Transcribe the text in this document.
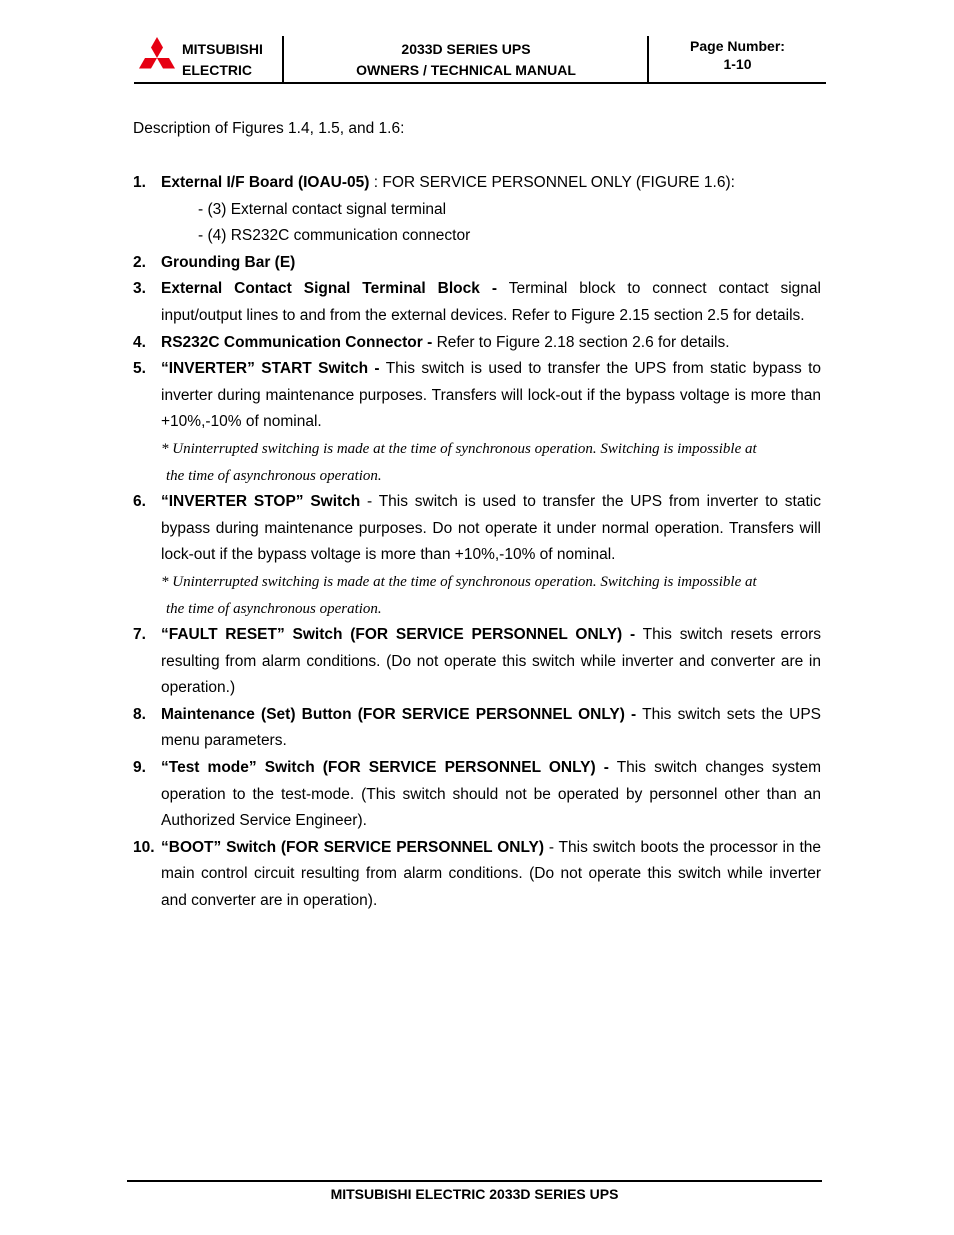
MITSUBISHI
ELECTRIC
2033D SERIES UPS
OWNERS / TECHNICAL MANUAL
Page Number:
1-10
Description of Figures 1.4, 1.5, and 1.6:
1. External I/F Board (IOAU-05) : FOR SERVICE PERSONNEL ONLY (FIGURE 1.6):
- (3) External contact signal terminal
- (4) RS232C communication connector
2. Grounding Bar (E)
3. External Contact Signal Terminal Block - Terminal block to connect contact signal input/output lines to and from the external devices. Refer to Figure 2.15 section 2.5 for details.
4. RS232C Communication Connector - Refer to Figure 2.18 section 2.6 for details.
5. “INVERTER” START Switch - This switch is used to transfer the UPS from static bypass to inverter during maintenance purposes. Transfers will lock-out if the bypass voltage is more than +10%,-10% of nominal.
* Uninterrupted switching is made at the time of synchronous operation. Switching is impossible at
the time of asynchronous operation.
6. “INVERTER STOP” Switch - This switch is used to transfer the UPS from inverter to static bypass during maintenance purposes. Do not operate it under normal operation. Transfers will lock-out if the bypass voltage is more than +10%,-10% of nominal.
* Uninterrupted switching is made at the time of synchronous operation. Switching is impossible at
the time of asynchronous operation.
7. “FAULT RESET” Switch (FOR SERVICE PERSONNEL ONLY) - This switch resets errors resulting from alarm conditions. (Do not operate this switch while inverter and converter are in operation.)
8. Maintenance (Set) Button (FOR SERVICE PERSONNEL ONLY) - This switch sets the UPS menu parameters.
9. “Test mode” Switch (FOR SERVICE PERSONNEL ONLY) - This switch changes system operation to the test-mode. (This switch should not be operated by personnel other than an Authorized Service Engineer).
10. “BOOT” Switch (FOR SERVICE PERSONNEL ONLY) - This switch boots the processor in the main control circuit resulting from alarm conditions. (Do not operate this switch while inverter and converter are in operation).
MITSUBISHI ELECTRIC 2033D SERIES UPS
